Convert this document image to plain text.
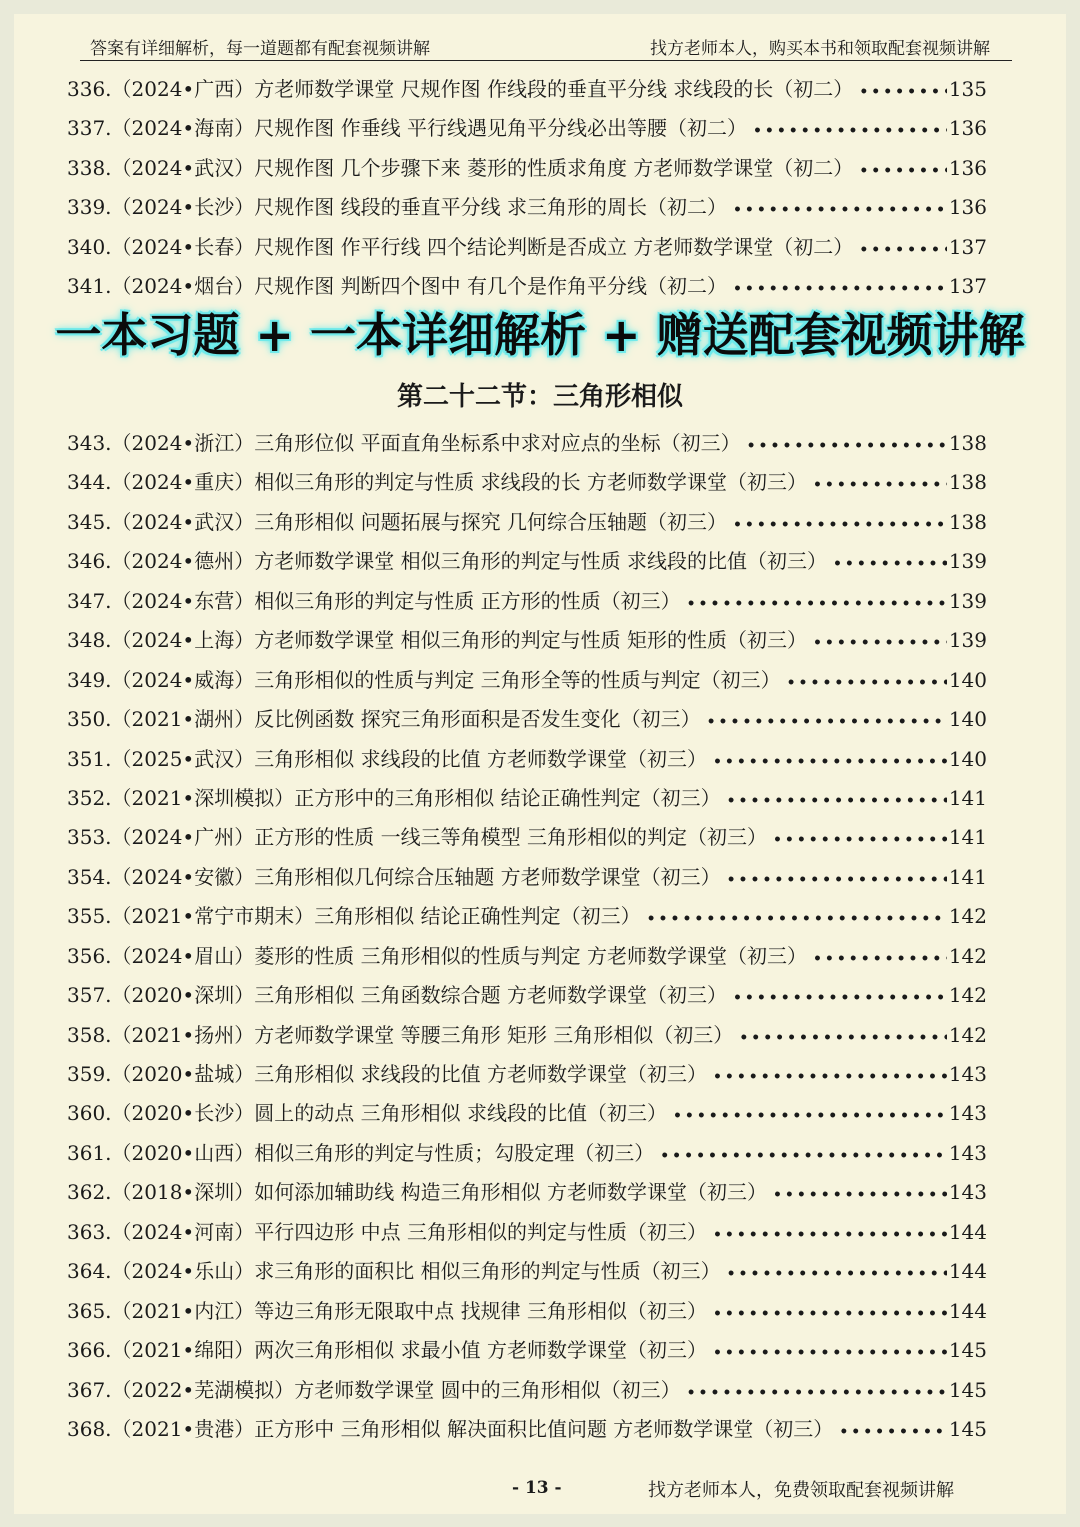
答案有详细解析，每一道题都有配套视频讲解	找方老师本人，购买本书和领取配套视频讲解
336.（2024•广西）方老师数学课堂 尺规作图 作线段的垂直平分线 求线段的长（初二） •••••	135
337.（2024•海南）尺规作图 作垂线 平行线遇见角平分线必出等腰（初二） •••••	136
338.（2024•武汉）尺规作图 几个步骤下来 菱形的性质求角度 方老师数学课堂（初二） •••••	136
339.（2024•长沙）尺规作图 线段的垂直平分线 求三角形的周长（初二） •••••	136
340.（2024•长春）尺规作图 作平行线 四个结论判断是否成立 方老师数学课堂（初二） •••••	137
341.（2024•烟台）尺规作图 判断四个图中 有几个是作角平分线（初二） •••••	137
第二十二节：三角形相似
343.（2024•浙江）三角形位似 平面直角坐标系中求对应点的坐标（初三） •••••	138
344.（2024•重庆）相似三角形的判定与性质 求线段的长 方老师数学课堂（初三） •••••	138
345.（2024•武汉）三角形相似 问题拓展与探究 几何综合压轴题（初三） •••••	138
346.（2024•德州）方老师数学课堂 相似三角形的判定与性质 求线段的比值（初三） •••••	139
347.（2024•东营）相似三角形的判定与性质 正方形的性质（初三） •••••	139
348.（2024•上海）方老师数学课堂 相似三角形的判定与性质 矩形的性质（初三） •••••	139
349.（2024•威海）三角形相似的性质与判定 三角形全等的性质与判定（初三） •••••	140
350.（2021•湖州）反比例函数 探究三角形面积是否发生变化（初三） •••••	140
351.（2025•武汉）三角形相似 求线段的比值 方老师数学课堂（初三） •••••	140
352.（2021•深圳模拟）正方形中的三角形相似 结论正确性判定（初三） •••••	141
353.（2024•广州）正方形的性质 一线三等角模型 三角形相似的判定（初三） •••••	141
354.（2024•安徽）三角形相似几何综合压轴题 方老师数学课堂（初三） •••••	141
355.（2021•常宁市期末）三角形相似 结论正确性判定（初三） •••••	142
356.（2024•眉山）菱形的性质 三角形相似的性质与判定 方老师数学课堂（初三） •••••	142
357.（2020•深圳）三角形相似 三角函数综合题 方老师数学课堂（初三） •••••	142
358.（2021•扬州）方老师数学课堂 等腰三角形 矩形 三角形相似（初三） •••••	142
359.（2020•盐城）三角形相似 求线段的比值 方老师数学课堂（初三） •••••	143
360.（2020•长沙）圆上的动点 三角形相似 求线段的比值（初三） •••••	143
361.（2020•山西）相似三角形的判定与性质；勾股定理（初三） •••••	143
362.（2018•深圳）如何添加辅助线 构造三角形相似 方老师数学课堂（初三） •••••	143
363.（2024•河南）平行四边形 中点 三角形相似的判定与性质（初三） •••••	144
364.（2024•乐山）求三角形的面积比 相似三角形的判定与性质（初三） •••••	144
365.（2021•内江）等边三角形无限取中点 找规律 三角形相似（初三） •••••	144
366.（2021•绵阳）两次三角形相似 求最小值 方老师数学课堂（初三） •••••	145
367.（2022•芜湖模拟）方老师数学课堂 圆中的三角形相似（初三） •••••	145
368.（2021•贵港）正方形中 三角形相似 解决面积比值问题 方老师数学课堂（初三） •••••	145
一本习题 + 一本详细解析 + 赠送配套视频讲解
- 13 -	找方老师本人，免费领取配套视频讲解
